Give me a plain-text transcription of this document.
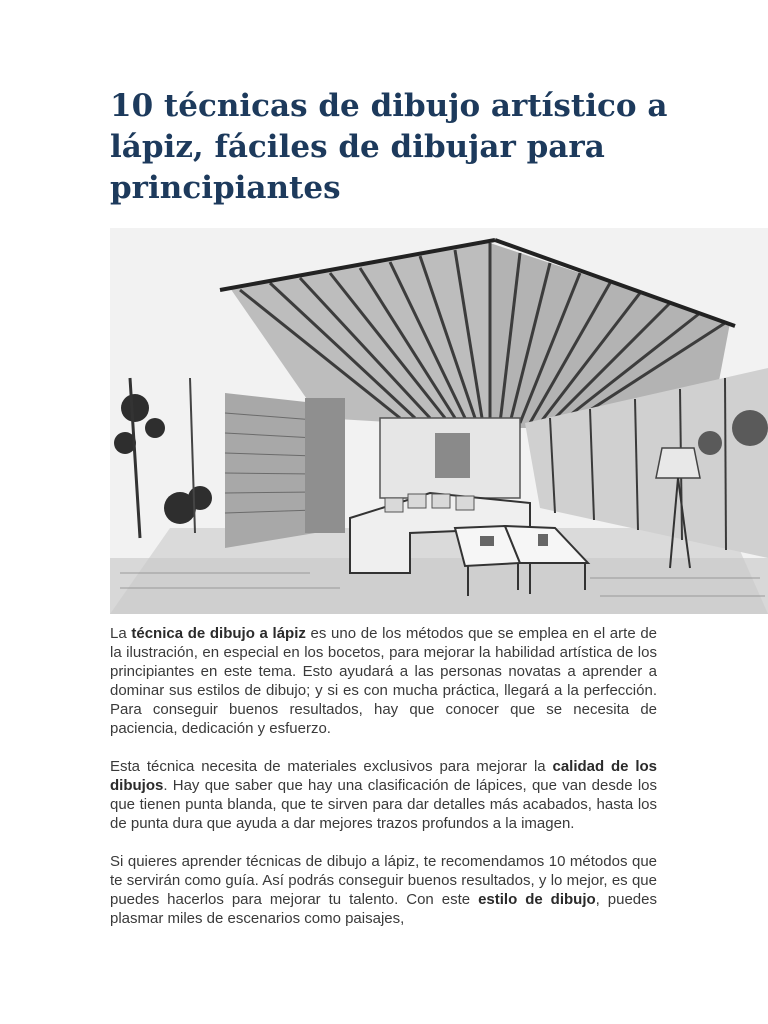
10 técnicas de dibujo artístico a lápiz, fáciles de dibujar para principiantes

La técnica de dibujo a lápiz es uno de los métodos que se emplea en el arte de la ilustración, en especial en los bocetos, para mejorar la habilidad artística de los principiantes en este tema. Esto ayudará a las personas novatas a aprender a dominar sus estilos de dibujo; y si es con mucha práctica, llegará a la perfección. Para conseguir buenos resultados, hay que conocer que se necesita de paciencia, dedicación y esfuerzo.

Esta técnica necesita de materiales exclusivos para mejorar la calidad de los dibujos. Hay que saber que hay una clasificación de lápices, que van desde los que tienen punta blanda, que te sirven para dar detalles más acabados, hasta los de punta dura que ayuda a dar mejores trazos profundos a la imagen.

Si quieres aprender técnicas de dibujo a lápiz, te recomendamos 10 métodos que te servirán como guía. Así podrás conseguir buenos resultados, y lo mejor, es que puedes hacerlos para mejorar tu talento. Con este estilo de dibujo, puedes plasmar miles de escenarios como paisajes,
